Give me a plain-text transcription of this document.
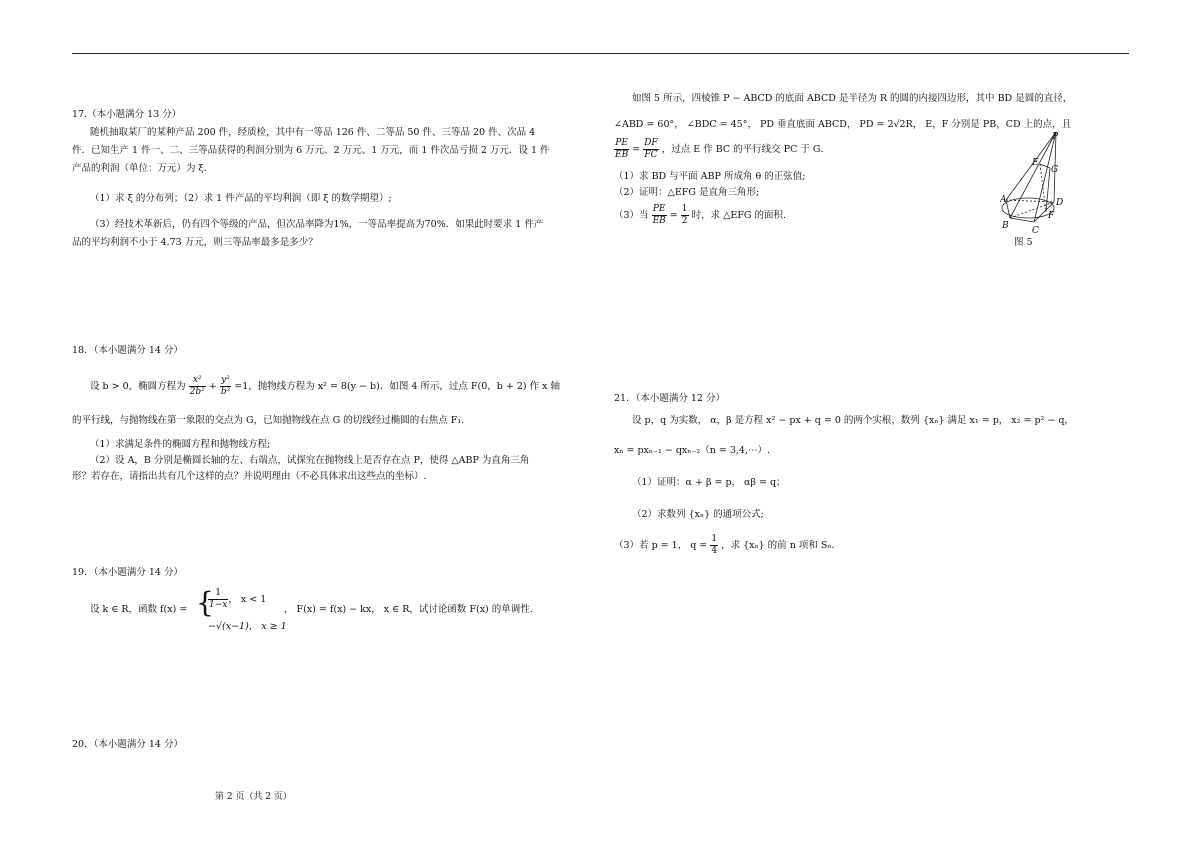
17.（本小题满分 13 分）
随机抽取某厂的某种产品 200 件，经质检，其中有一等品 126 件、二等品 50 件、三等品 20 件、次品 4
件．已知生产 1 件一、二、三等品获得的利润分别为 6 万元、2 万元、1 万元，而 1 件次品亏损 2 万元．设 1 件
产品的利润（单位：万元）为 ξ．
（1）求 ξ 的分布列；（2）求 1 件产品的平均利润（即 ξ 的数学期望）;
（3）经技术革新后，仍有四个等级的产品，但次品率降为1%，一等品率提高为70%．如果此时要求 1 件产
品的平均利润不小于 4.73 万元，则三等品率最多是多少？
18．（本小题满分 14 分）
设 b > 0，椭圆方程为 $\frac{\text{x²}}{\text{2b²}} + \frac{\text{y²}}{\text{b²}} =1$，抛物线方程为 x² = 8(y − b)．如图 4 所示，过点 F(0，b + 2) 作 x 轴
的平行线，与抛物线在第一象限的交点为 G，已知抛物线在点 G 的切线经过椭圆的右焦点 F₁．
（1）求满足条件的椭圆方程和抛物线方程;
（2）设 A，B 分别是椭圆长轴的左、右端点，试探究在抛物线上是否存在点 P，使得 △ABP 为直角三角
形？若存在，请指出共有几个这样的点？并说明理由（不必具体求出这些点的坐标）.
19．（本小题满分 14 分）
设 k ∈ R，函数 f(x) = {
$\frac{1}{1-x}$ ， x < 1
−√(x−1)， x ≥ 1
， F(x) = f(x) − kx， x ∈ R，试讨论函数 F(x) 的单调性.
20．（本小题满分 14 分）
如图 5 所示，四棱锥 P − ABCD 的底面 ABCD 是半径为 R 的圆的内接四边形，其中 BD 是圆的直径，
∠ABD = 60°， ∠BDC = 45°， PD 垂直底面 ABCD， PD = 2√2R， E，F 分别是 PB，CD 上的点，且
$\frac{PE}{EB} = \frac{DF}{FC}$ ，过点 E 作 BC 的平行线交 PC 于 G．
（1）求 BD 与平面 ABP 所成角 θ 的正弦值;
（2）证明：△EFG 是直角三角形;
（3）当 $\frac{PE}{EB} = \frac{1}{2}$ 时，求 △EFG 的面积.
P
E
G
A	D
F
B	C
图 5
21．（本小题满分 12 分）
设 p，q 为实数， α，β 是方程 x² − px + q = 0 的两个实根，数列 {xₙ} 满足 x₁ = p， x₂ = p² − q，
xₙ = pxₙ₋₁ − qxₙ₋₂（n = 3,4,⋯）.
（1）证明：α + β = p， αβ = q；
（2）求数列 {xₙ} 的通项公式;
（3）若 p = 1， $q = \frac{1}{4}$ ，求 {xₙ} 的前 n 项和 Sₙ．
第 2 页（共 2 页）
